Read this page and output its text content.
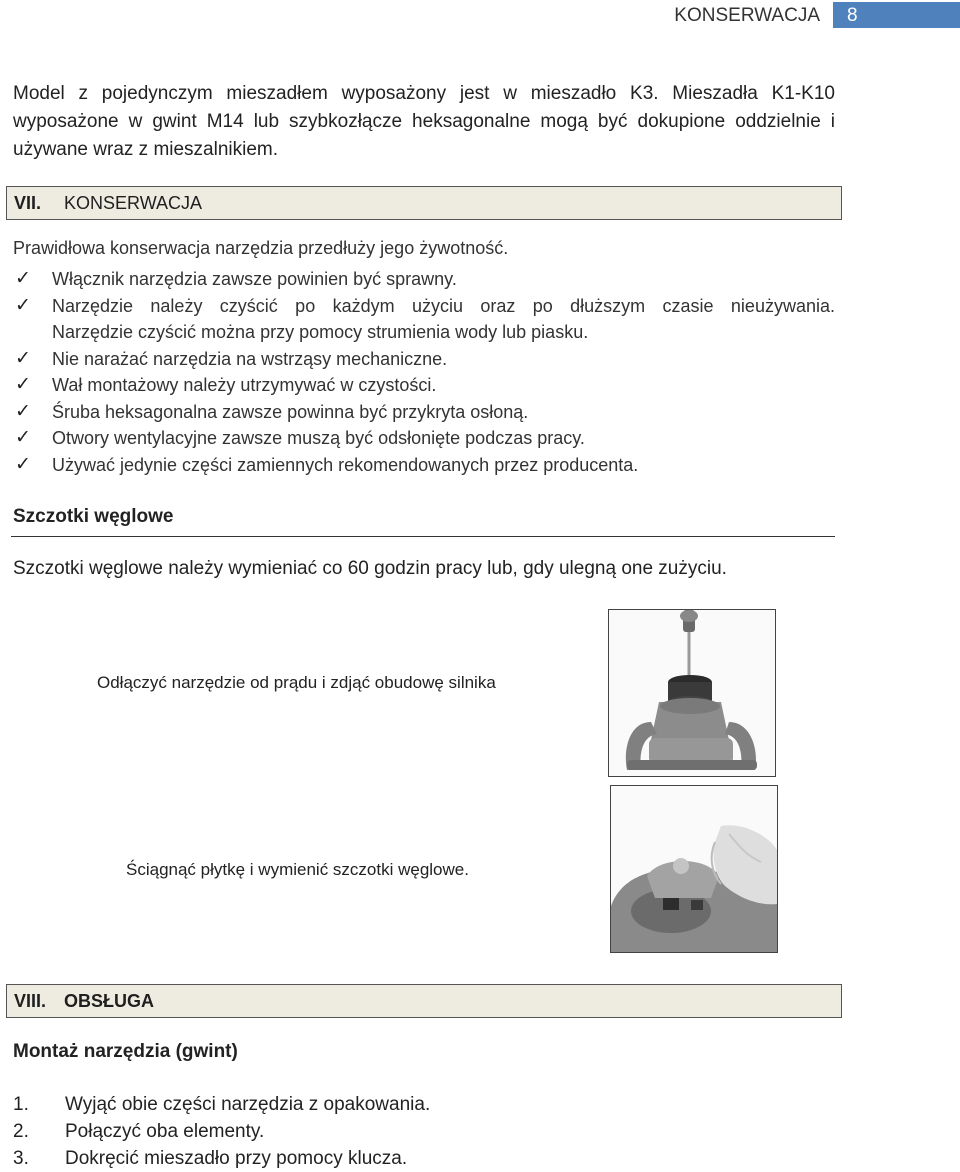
KONSERWACJA 8

Model z pojedynczym mieszadłem wyposażony jest w mieszadło K3. Mieszadła K1-K10 wyposażone w gwint M14 lub szybkozłącze heksagonalne mogą być dokupione oddzielnie i używane wraz z mieszalnikiem.

VII. KONSERWACJA
Prawidłowa konserwacja narzędzia przedłuży jego żywotność.
✓ Włącznik narzędzia zawsze powinien być sprawny.
✓ Narzędzie należy czyścić po każdym użyciu oraz po dłuższym czasie nieużywania.
Narzędzie czyścić można przy pomocy strumienia wody lub piasku.
✓ Nie narażać narzędzia na wstrząsy mechaniczne.
✓ Wał montażowy należy utrzymywać w czystości.
✓ Śruba heksagonalna zawsze powinna być przykryta osłoną.
✓ Otwory wentylacyjne zawsze muszą być odsłonięte podczas pracy.
✓ Używać jedynie części zamiennych rekomendowanych przez producenta.
Szczotki węglowe
Szczotki węglowe należy wymieniać co 60 godzin pracy lub, gdy ulegną one zużyciu.
Odłączyć narzędzie od prądu i zdjąć obudowę silnika
Ściągnąć płytkę i wymienić szczotki węglowe.
VIII. OBSŁUGA
Montaż narzędzia (gwint)
1. Wyjąć obie części narzędzia z opakowania.
2. Połączyć oba elementy.
3. Dokręcić mieszadło przy pomocy klucza.
